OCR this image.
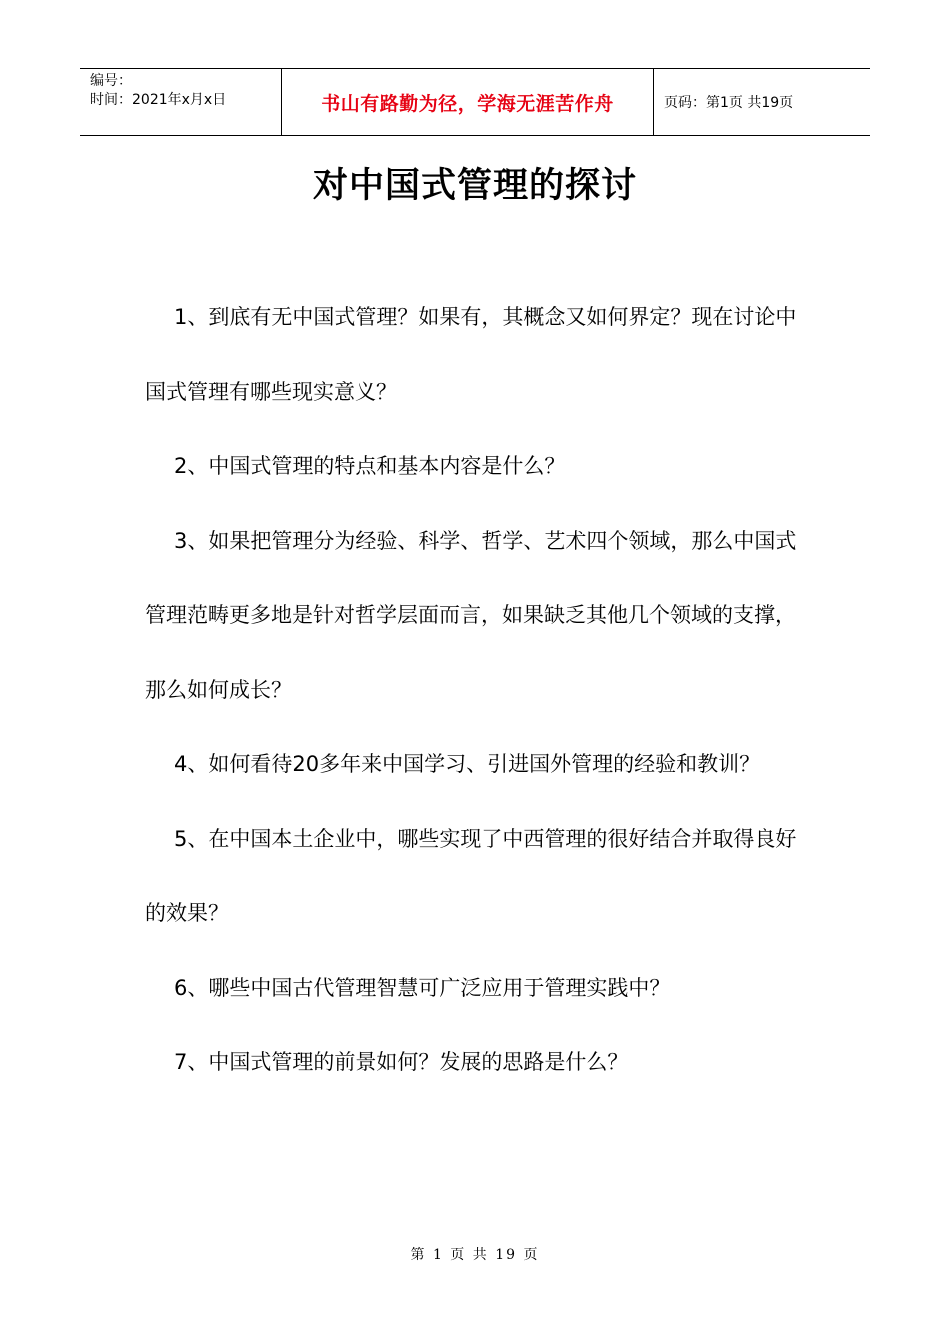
编号：
时间：2021年x月x日	书山有路勤为径，学海无涯苦作舟	页码：第1页 共19页
对中国式管理的探讨

1、到底有无中国式管理？如果有，其概念又如何界定？现在讨论中国式管理有哪些现实意义？

2、中国式管理的特点和基本内容是什么？

3、如果把管理分为经验、科学、哲学、艺术四个领域，那么中国式管理范畴更多地是针对哲学层面而言，如果缺乏其他几个领域的支撑，那么如何成长？

4、如何看待20多年来中国学习、引进国外管理的经验和教训？

5、在中国本土企业中，哪些实现了中西管理的很好结合并取得良好的效果？

6、哪些中国古代管理智慧可广泛应用于管理实践中？

7、中国式管理的前景如何？发展的思路是什么？

第 1 页 共 19 页
